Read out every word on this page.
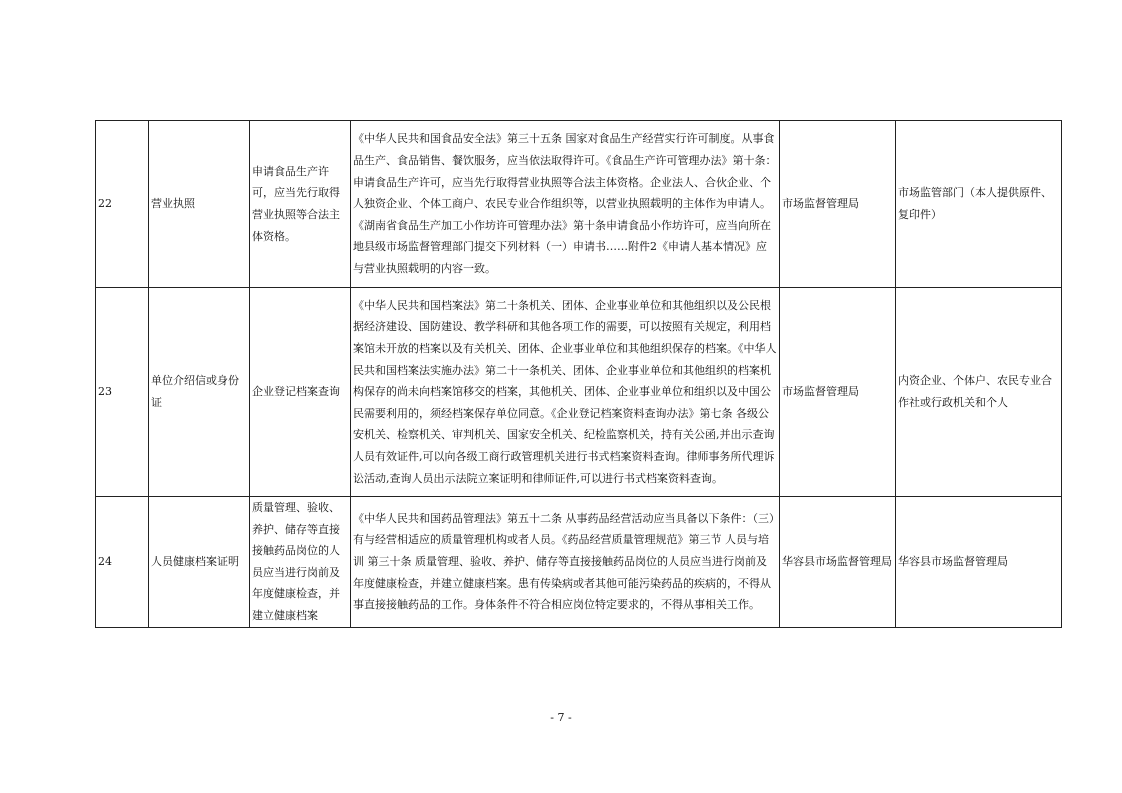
22	营业执照	申请食品生产许可，应当先行取得营业执照等合法主体资格。	《中华人民共和国食品安全法》第三十五条 国家对食品生产经营实行许可制度。从事食品生产、食品销售、餐饮服务，应当依法取得许可。《食品生产许可管理办法》第十条：申请食品生产许可，应当先行取得营业执照等合法主体资格。企业法人、合伙企业、个人独资企业、个体工商户、农民专业合作组织等，以营业执照载明的主体作为申请人。
《湖南省食品生产加工小作坊许可管理办法》第十条申请食品小作坊许可，应当向所在地县级市场监督管理部门提交下列材料（一）申请书……附件2《申请人基本情况》应与营业执照载明的内容一致。	市场监督管理局	市场监管部门（本人提供原件、复印件）
23	单位介绍信或身份证	企业登记档案查询	《中华人民共和国档案法》第二十条机关、团体、企业事业单位和其他组织以及公民根据经济建设、国防建设、教学科研和其他各项工作的需要，可以按照有关规定，利用档案馆未开放的档案以及有关机关、团体、企业事业单位和其他组织保存的档案。《中华人民共和国档案法实施办法》第二十一条机关、团体、企业事业单位和其他组织的档案机构保存的尚未向档案馆移交的档案，其他机关、团体、企业事业单位和组织以及中国公民需要利用的，须经档案保存单位同意。《企业登记档案资料查询办法》第七条 各级公安机关、检察机关、审判机关、国家安全机关、纪检监察机关，持有关公函,并出示查询人员有效证件,可以向各级工商行政管理机关进行书式档案资料查询。律师事务所代理诉讼活动,查询人员出示法院立案证明和律师证件,可以进行书式档案资料查询。	市场监督管理局	内资企业、个体户、农民专业合作社或行政机关和个人
24	人员健康档案证明	质量管理、验收、养护、储存等直接接触药品岗位的人员应当进行岗前及年度健康检查，并建立健康档案	《中华人民共和国药品管理法》第五十二条 从事药品经营活动应当具备以下条件：（三）有与经营相适应的质量管理机构或者人员。《药品经营质量管理规范》第三节 人员与培训 第三十条 质量管理、验收、养护、储存等直接接触药品岗位的人员应当进行岗前及年度健康检查，并建立健康档案。患有传染病或者其他可能污染药品的疾病的，不得从事直接接触药品的工作。身体条件不符合相应岗位特定要求的，不得从事相关工作。	华容县市场监督管理局	华容县市场监督管理局
- 7 -
